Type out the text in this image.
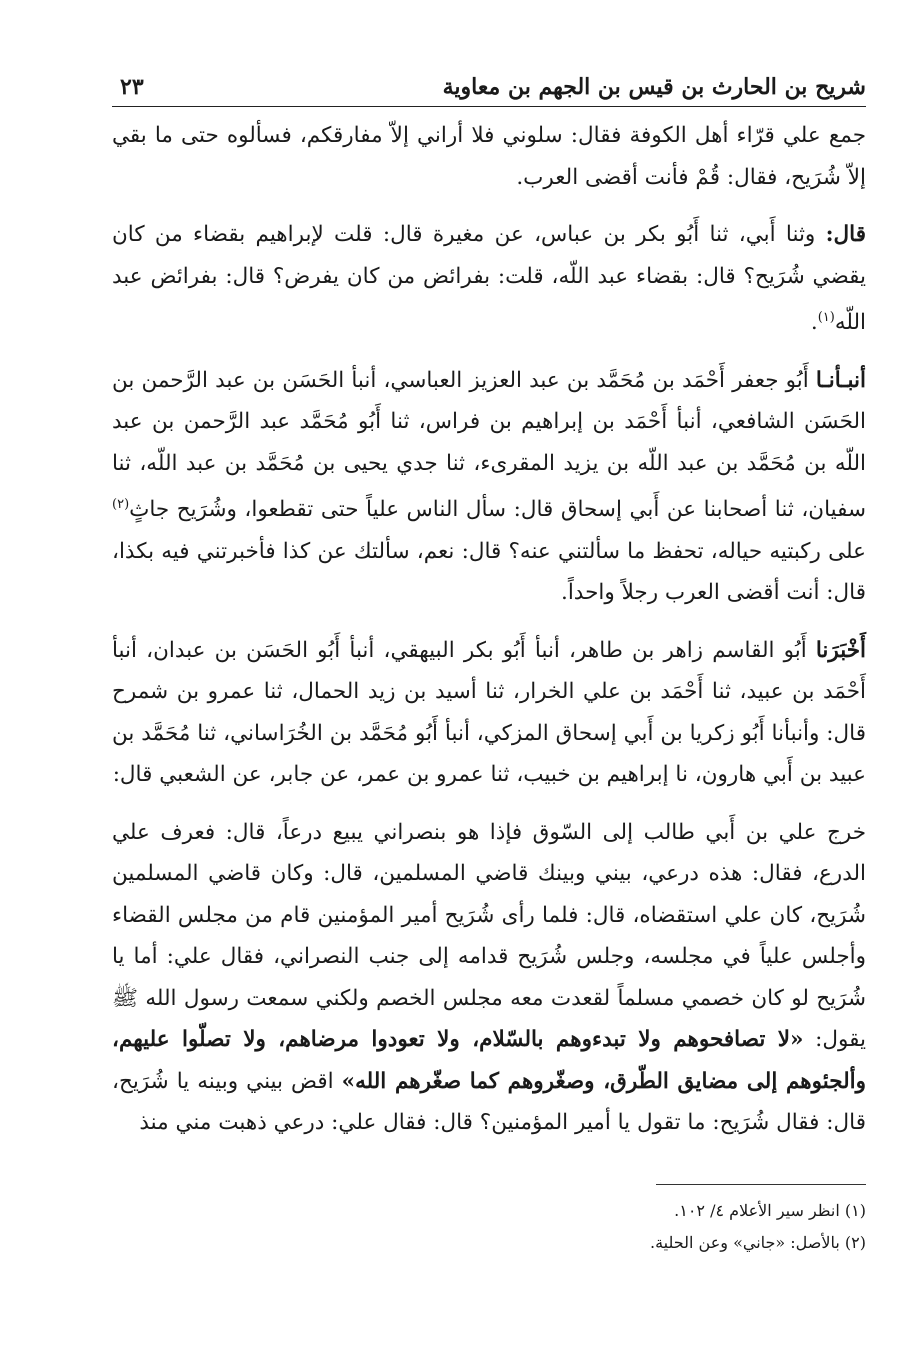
شريح بن الحارث بن قيس بن الجهم بن معاوية
٢٣

جمع علي قرّاء أهل الكوفة فقال: سلوني فلا أراني إلاّ مفارقكم، فسألوه حتى ما بقي إلاّ شُرَيح، فقال: قُمْ فأنت أقضى العرب.

قال: وثنا أَبي، ثنا أَبُو بكر بن عباس، عن مغيرة قال: قلت لإبراهيم بقضاء من كان يقضي شُرَيح؟ قال: بقضاء عبد اللّه، قلت: بفرائض من كان يفرض؟ قال: بفرائض عبد اللّه$^{(١)}$.

أنبـأنـا أَبُو جعفر أَحْمَد بن مُحَمَّد بن عبد العزيز العباسي، أنبأ الحَسَن بن عبد الرَّحمن بن الحَسَن الشافعي، أنبأ أَحْمَد بن إبراهيم بن فراس، ثنا أَبُو مُحَمَّد عبد الرَّحمن بن عبد اللّه بن مُحَمَّد بن عبد اللّه بن يزيد المقرىء، ثنا جدي يحيى بن مُحَمَّد بن عبد اللّه، ثنا سفيان، ثنا أصحابنا عن أَبي إسحاق قال: سأل الناس علياً حتى تقطعوا، وشُرَيح جاثٍ$^{(٢)}$ على ركبتيه حياله، تحفظ ما سألتني عنه؟ قال: نعم، سألتك عن كذا فأخبرتني فيه بكذا، قال: أنت أقضى العرب رجلاً واحداً.

أَخْبَرَنا أَبُو القاسم زاهر بن طاهر، أنبأ أَبُو بكر البيهقي، أنبأ أَبُو الحَسَن بن عبدان، أنبأ أَحْمَد بن عبيد، ثنا أَحْمَد بن علي الخرار، ثنا أسيد بن زيد الحمال، ثنا عمرو بن شمرح قال: وأنبأنا أَبُو زكريا بن أَبي إسحاق المزكي، أنبأ أَبُو مُحَمَّد بن الخُرَاساني، ثنا مُحَمَّد بن عبيد بن أَبي هارون، نا إبراهيم بن خبيب، ثنا عمرو بن عمر، عن جابر، عن الشعبي قال:

خرج علي بن أَبي طالب إلى السّوق فإذا هو بنصراني يبيع درعاً، قال: فعرف علي الدرع، فقال: هذه درعي، بيني وبينك قاضي المسلمين، قال: وكان قاضي المسلمين شُرَيح، كان علي استقضاه، قال: فلما رأى شُرَيح أمير المؤمنين قام من مجلس القضاء وأجلس علياً في مجلسه، وجلس شُرَيح قدامه إلى جنب النصراني، فقال علي: أما يا شُرَيح لو كان خصمي مسلماً لقعدت معه مجلس الخصم ولكني سمعت رسول الله ﷺ يقول: «لا تصافحوهم ولا تبدءوهم بالسّلام، ولا تعودوا مرضاهم، ولا تصلّوا عليهم، وألجئوهم إلى مضايق الطّرق، وصغّروهم كما صغّرهم الله» اقض بيني وبينه يا شُرَيح، قال: فقال شُرَيح: ما تقول يا أمير المؤمنين؟ قال: فقال علي: درعي ذهبت مني منذ

(١) انظر سير الأعلام ٤/ ١٠٢.
(٢) بالأصل: «جاني» وعن الحلية.
